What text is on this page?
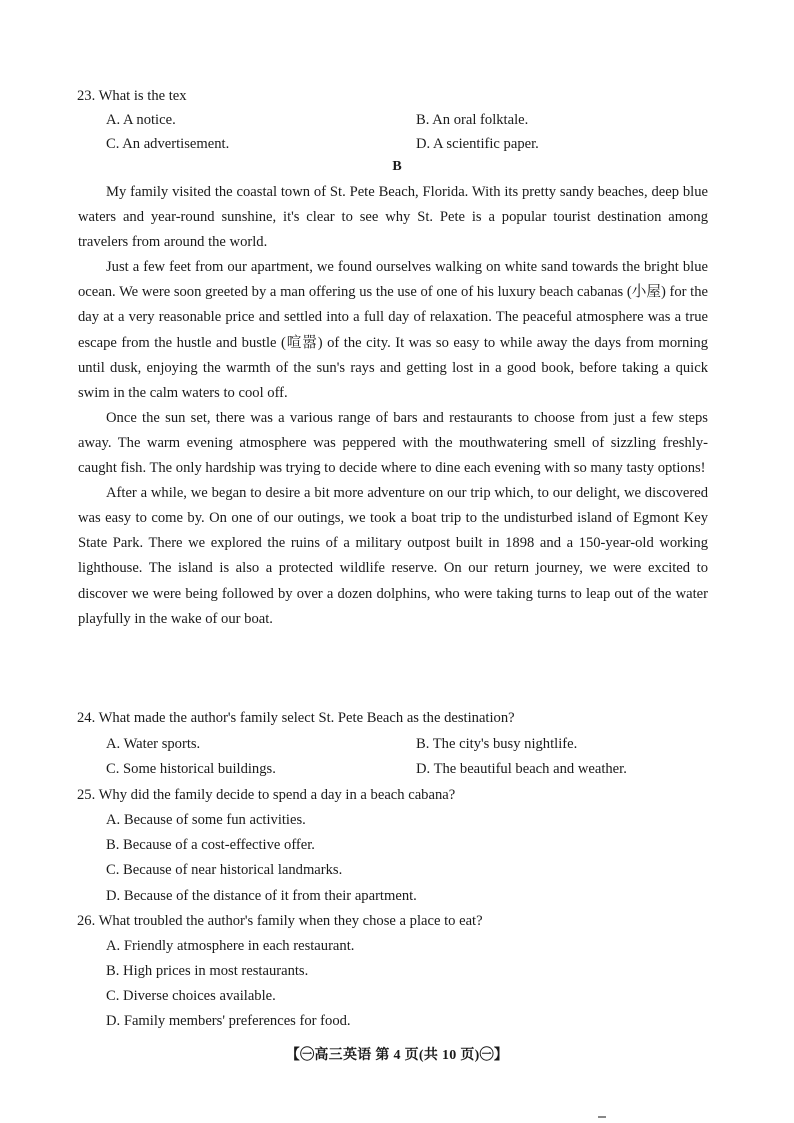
23. What is the tex
A. A notice.	B. An oral folktale.
C. An advertisement.	D. A scientific paper.
B

My family visited the coastal town of St. Pete Beach, Florida. With its pretty sandy beaches, deep blue waters and year-round sunshine, it's clear to see why St. Pete is a popular tourist destination among travelers from around the world.

Just a few feet from our apartment, we found ourselves walking on white sand towards the bright blue ocean. We were soon greeted by a man offering us the use of one of his luxury beach cabanas (小屋) for the day at a very reasonable price and settled into a full day of relaxation. The peaceful atmosphere was a true escape from the hustle and bustle (喧嚣) of the city. It was so easy to while away the days from morning until dusk, enjoying the warmth of the sun's rays and getting lost in a good book, before taking a quick swim in the calm waters to cool off.

Once the sun set, there was a various range of bars and restaurants to choose from just a few steps away. The warm evening atmosphere was peppered with the mouthwatering smell of sizzling freshly-caught fish. The only hardship was trying to decide where to dine each evening with so many tasty options!

After a while, we began to desire a bit more adventure on our trip which, to our delight, we discovered was easy to come by. On one of our outings, we took a boat trip to the undisturbed island of Egmont Key State Park. There we explored the ruins of a military outpost built in 1898 and a 150-year-old working lighthouse. The island is also a protected wildlife reserve. On our return journey, we were excited to discover we were being followed by over a dozen dolphins, who were taking turns to leap out of the water playfully in the wake of our boat.

24. What made the author's family select St. Pete Beach as the destination?
A. Water sports.	B. The city's busy nightlife.
C. Some historical buildings.	D. The beautiful beach and weather.
25. Why did the family decide to spend a day in a beach cabana?
A. Because of some fun activities.
B. Because of a cost-effective offer.
C. Because of near historical landmarks.
D. Because of the distance of it from their apartment.
26. What troubled the author's family when they chose a place to eat?
A. Friendly atmosphere in each restaurant.
B. High prices in most restaurants.
C. Diverse choices available.
D. Family members' preferences for food.
【㊀高三英语 第 4 页(共 10 页)㊀】
